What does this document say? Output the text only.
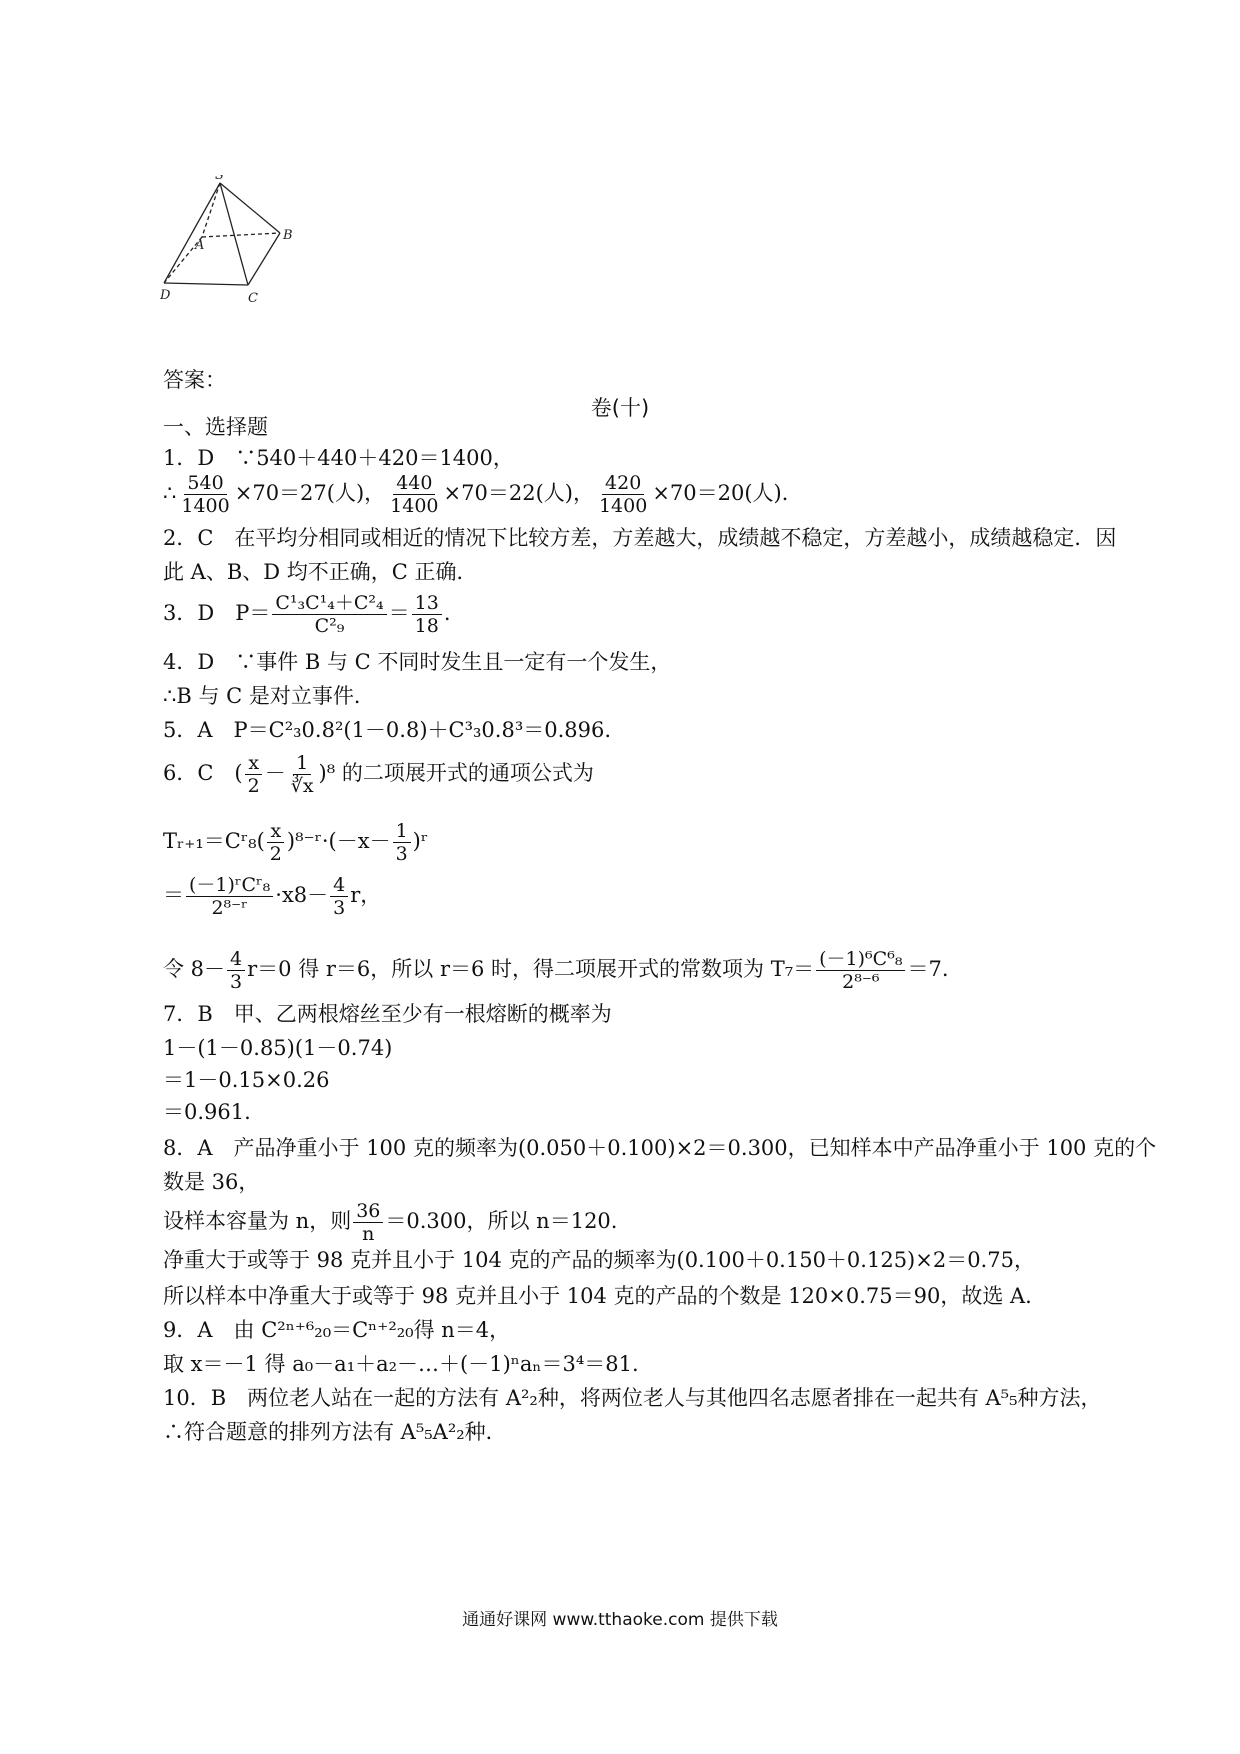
S
A
B
C
D
答案：
卷(十)
一、选择题
1．D　∵540＋440＋420＝1400，
∴ $\frac{540}{1400} \times 70=27$(人)， $\frac{440}{1400} \times 70=22$(人)， $\frac{420}{1400} \times 70=20$(人)．
2．C　在平均分相同或相近的情况下比较方差，方差越大，成绩越不稳定，方差越小，成绩越稳定．因
此 A、B、D 均不正确，C 正确．
3．D　$P= \frac{\text{C¹₃C¹₄＋C²₄}}{\text{C²₉}} = \frac{13}{18}$ .
4．D　∵事件 B 与 C 不同时发生且一定有一个发生，
∴B 与 C 是对立事件．
5．A　P＝C²₃0.8²(1－0.8)＋C³₃0.8³＝0.896.
6．C　( $\frac{x}{2} - \frac{1}{∛x} )^8$ 的二项展开式的通项公式为
Tᵣ₊₁＝Cʳ₈( $\frac{x}{2}$ )⁸⁻ʳ·(－x－ $\frac{1}{3}$ )ʳ
＝ $\frac{\text{(－1)ʳCʳ₈}}{\text{2⁸⁻ʳ}} \cdot x8- \frac{4}{3}$ r，
令 $8- \frac{4}{3} r=0$ 得 r＝6，所以 r＝6 时，得二项展开式的常数项为 $T_7= \frac{\text{(－1)⁶C⁶₈}}{\text{2⁸⁻⁶}} =7$.
7．B　甲、乙两根熔丝至少有一根熔断的概率为
1－(1－0.85)(1－0.74)
＝1－0.15×0.26
＝0.961.
8．A　产品净重小于 100 克的频率为(0.050＋0.100)×2＝0.300，已知样本中产品净重小于 100 克的个
数是 36，
设样本容量为 n，则 $\frac{36}{n} =0.300$，所以 n＝120.
净重大于或等于 98 克并且小于 104 克的产品的频率为(0.100＋0.150＋0.125)×2＝0.75，
所以样本中净重大于或等于 98 克并且小于 104 克的产品的个数是 120×0.75＝90，故选 A.
9．A　由 C²ⁿ⁺⁶₂₀＝Cⁿ⁺²₂₀得 n＝4，
取 x＝－1 得 a₀－a₁＋a₂－…＋(－1)ⁿaₙ＝3⁴＝81.
10．B　两位老人站在一起的方法有 A²₂种，将两位老人与其他四名志愿者排在一起共有 A⁵₅种方法，
∴符合题意的排列方法有 A⁵₅A²₂种．
通通好课网 www.tthaoke.com 提供下载
